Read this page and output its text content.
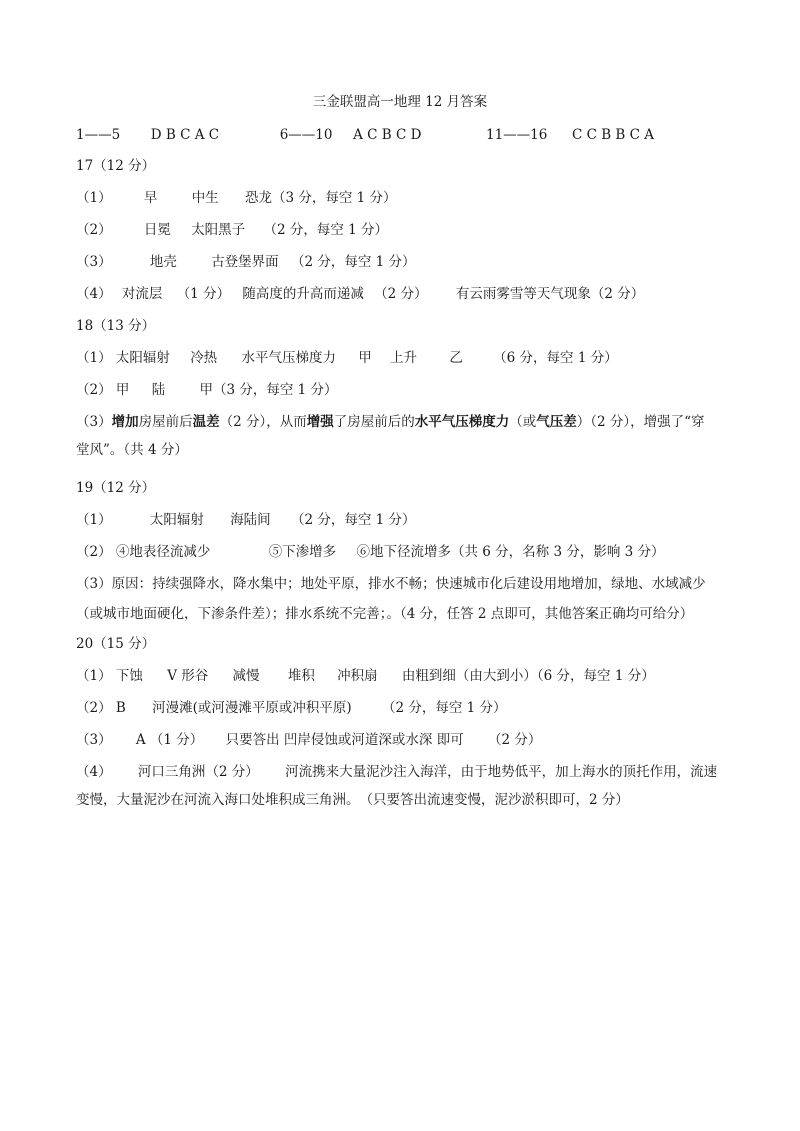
三金联盟高一地理 12 月答案
1——5 D B C A C	6——10 A C B C D	11——16 C C B B C A
17（12 分）
（1） 早	中生 恐龙（3 分，每空 1 分）
（2） 日冕 太阳黑子 （2 分，每空 1 分）
（3）	地壳	古登堡界面 （2 分，每空 1 分）
（4） 对流层 （1 分） 随高度的升高而递减 （2 分） 有云雨雾雪等天气现象（2 分）
18（13 分）
（1） 太阳辐射 冷热 水平气压梯度力 甲 上升 乙 （6 分，每空 1 分）
（2） 甲 陆	甲（3 分，每空 1 分）
（3）增加房屋前后温差（2 分），从而增强了房屋前后的水平气压梯度力（或气压差）（2 分），增强了“穿
堂风”。（共 4 分）
19（12 分）
（1）	太阳辐射 海陆间 （2 分，每空 1 分）
（2） ④地表径流减少	⑤下渗增多 ⑥地下径流增多（共 6 分，名称 3 分，影响 3 分）
（3）原因：持续强降水，降水集中；地处平原，排水不畅；快速城市化后建设用地增加，绿地、水域减少
（或城市地面硬化，下渗条件差）；排水系统不完善；。（4 分，任答 2 点即可，其他答案正确均可给分）
20（15 分）
（1） 下蚀 V 形谷 减慢 堆积 冲积扇 由粗到细（由大到小）（6 分，每空 1 分）
（2） B 河漫滩(或河漫滩平原或冲积平原) （2 分，每空 1 分）
（3） A （1 分） 只要答出 凹岸侵蚀或河道深或水深 即可 （2 分）
（4） 河口三角洲（2 分） 河流携来大量泥沙注入海洋，由于地势低平，加上海水的顶托作用，流速
变慢，大量泥沙在河流入海口处堆积成三角洲。　（只要答出流速变慢，泥沙淤积即可，2 分）
